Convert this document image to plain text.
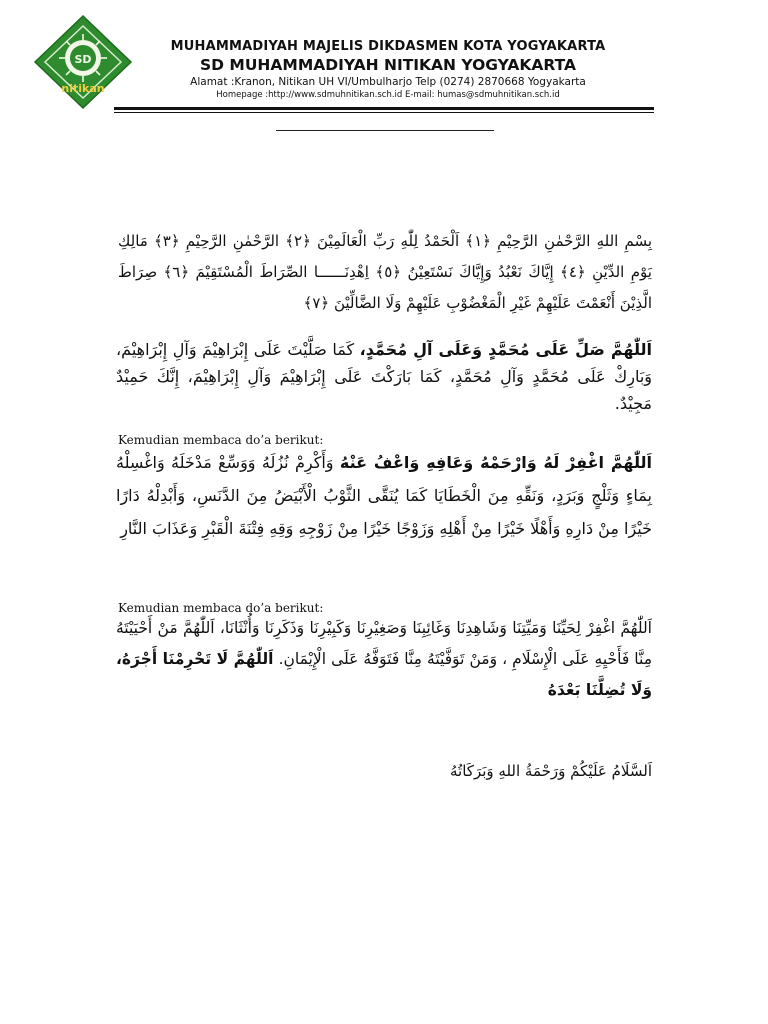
SD
nitikan
MUHAMMADIYAH MAJELIS DIKDASMEN KOTA YOGYAKARTA
SD MUHAMMADIYAH NITIKAN YOGYAKARTA
Alamat :Kranon, Nitikan UH VI/Umbulharjo Telp (0274) 2870668 Yogyakarta
Homepage :http://www.sdmuhnitikan.sch.id E-mail: humas@sdmuhnitikan.sch.id
بِسْمِ اللهِ الرَّحْمٰنِ الرَّحِيْمِ ﴿١﴾ اَلْحَمْدُ لِلّٰهِ رَبِّ الْعَالَمِيْنَ ﴿٢﴾ الرَّحْمٰنِ الرَّحِيْمِ ﴿٣﴾ مَالِكِ يَوْمِ الدِّيْنِ ﴿٤﴾ إِيَّاكَ نَعْبُدُ وَإِيَّاكَ نَسْتَعِيْنُ ﴿٥﴾ اِهْدِنَــــــا الصِّرَاطَ الْمُسْتَقِيْمَ ﴿٦﴾ صِرَاطَ الَّذِيْنَ أَنْعَمْتَ عَلَيْهِمْ غَيْرِ الْمَغْضُوْبِ عَلَيْهِمْ وَلَا الضَّالِّيْنَ ﴿٧﴾
اَللّٰهُمَّ صَلِّ عَلَى مُحَمَّدٍ وَعَلَى آلِ مُحَمَّدٍ، كَمَا صَلَّيْتَ عَلَى إِبْرَاهِيْمَ وَآلِ إِبْرَاهِيْمَ، وَبَارِكْ عَلَى مُحَمَّدٍ وَآلِ مُحَمَّدٍ، كَمَا بَارَكْتَ عَلَى إِبْرَاهِيْمَ وَآلِ إِبْرَاهِيْمَ، إِنَّكَ حَمِيْدٌ مَجِيْدٌ.
Kemudian membaca do’a berikut:
اَللّٰهُمَّ اغْفِرْ لَهُ وَارْحَمْهُ وَعَافِهِ وَاعْفُ عَنْهُ وَأَكْرِمْ نُزُلَهُ وَوَسِّعْ مَدْخَلَهُ وَاغْسِلْهُ بِمَاءٍ وَثَلْجٍ وَبَرَدٍ، وَنَقِّهِ مِنَ الْخَطَايَا كَمَا يُنَقَّى الثَّوْبُ الْأَبْيَضُ مِنَ الدَّنَسِ، وَأَبْدِلْهُ دَارًا خَيْرًا مِنْ دَارِهِ وَأَهْلًا خَيْرًا مِنْ أَهْلِهِ وَزَوْجًا خَيْرًا مِنْ زَوْجِهِ وَقِهِ فِتْنَةَ الْقَبْرِ وَعَذَابَ النَّارِ
Kemudian membaca do’a berikut:
اَللّٰهُمَّ اغْفِرْ لِحَيِّنَا وَمَيِّتِنَا وَشَاهِدِنَا وَغَائِبِنَا وَصَغِيْرِنَا وَكَبِيْرِنَا وَذَكَرِنَا وَأُنْثَانَا، اَللّٰهُمَّ مَنْ أَحْيَيْتَهُ مِنَّا فَأَحْيِهِ عَلَى الْإِسْلَامِ ، وَمَنْ تَوَفَّيْتَهُ مِنَّا فَتَوَفَّهُ عَلَى الْإِيْمَانِ. اَللّٰهُمَّ لَا تَحْرِمْنَا أَجْرَهُ، وَلَا تُضِلَّنَا بَعْدَهُ
اَلسَّلَامُ عَلَيْكُمْ وَرَحْمَةُ اللهِ وَبَرَكَاتُهُ
